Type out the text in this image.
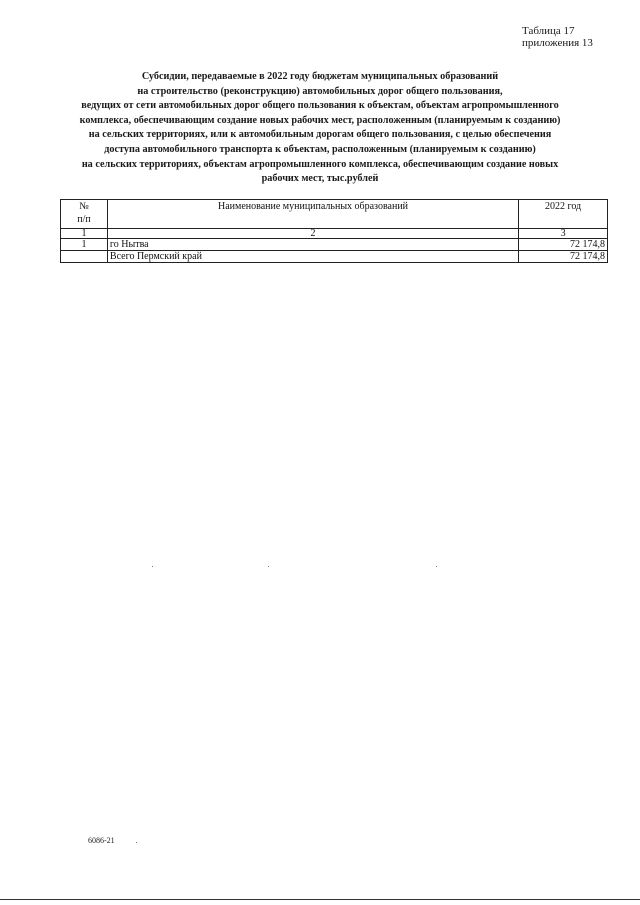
Таблица 17
приложения 13
Субсидии, передаваемые в 2022 году бюджетам муниципальных образований
на строительство (реконструкцию) автомобильных дорог общего пользования,
ведущих от сети автомобильных дорог общего пользования к объектам, объектам агропромышленного
комплекса, обеспечивающим создание новых рабочих мест, расположенным (планируемым к созданию)
на сельских территориях, или к автомобильным дорогам общего пользования, с целью обеспечения
доступа автомобильного транспорта к объектам, расположенным (планируемым к созданию)
на сельских территориях, объектам агропромышленного комплекса, обеспечивающим создание новых
рабочих мест, тыс.рублей
№
п/п	Наименование муниципальных образований	2022 год
1	2	3
1	го Нытва	72 174,8
	Всего Пермский край	72 174,8
6086-21
